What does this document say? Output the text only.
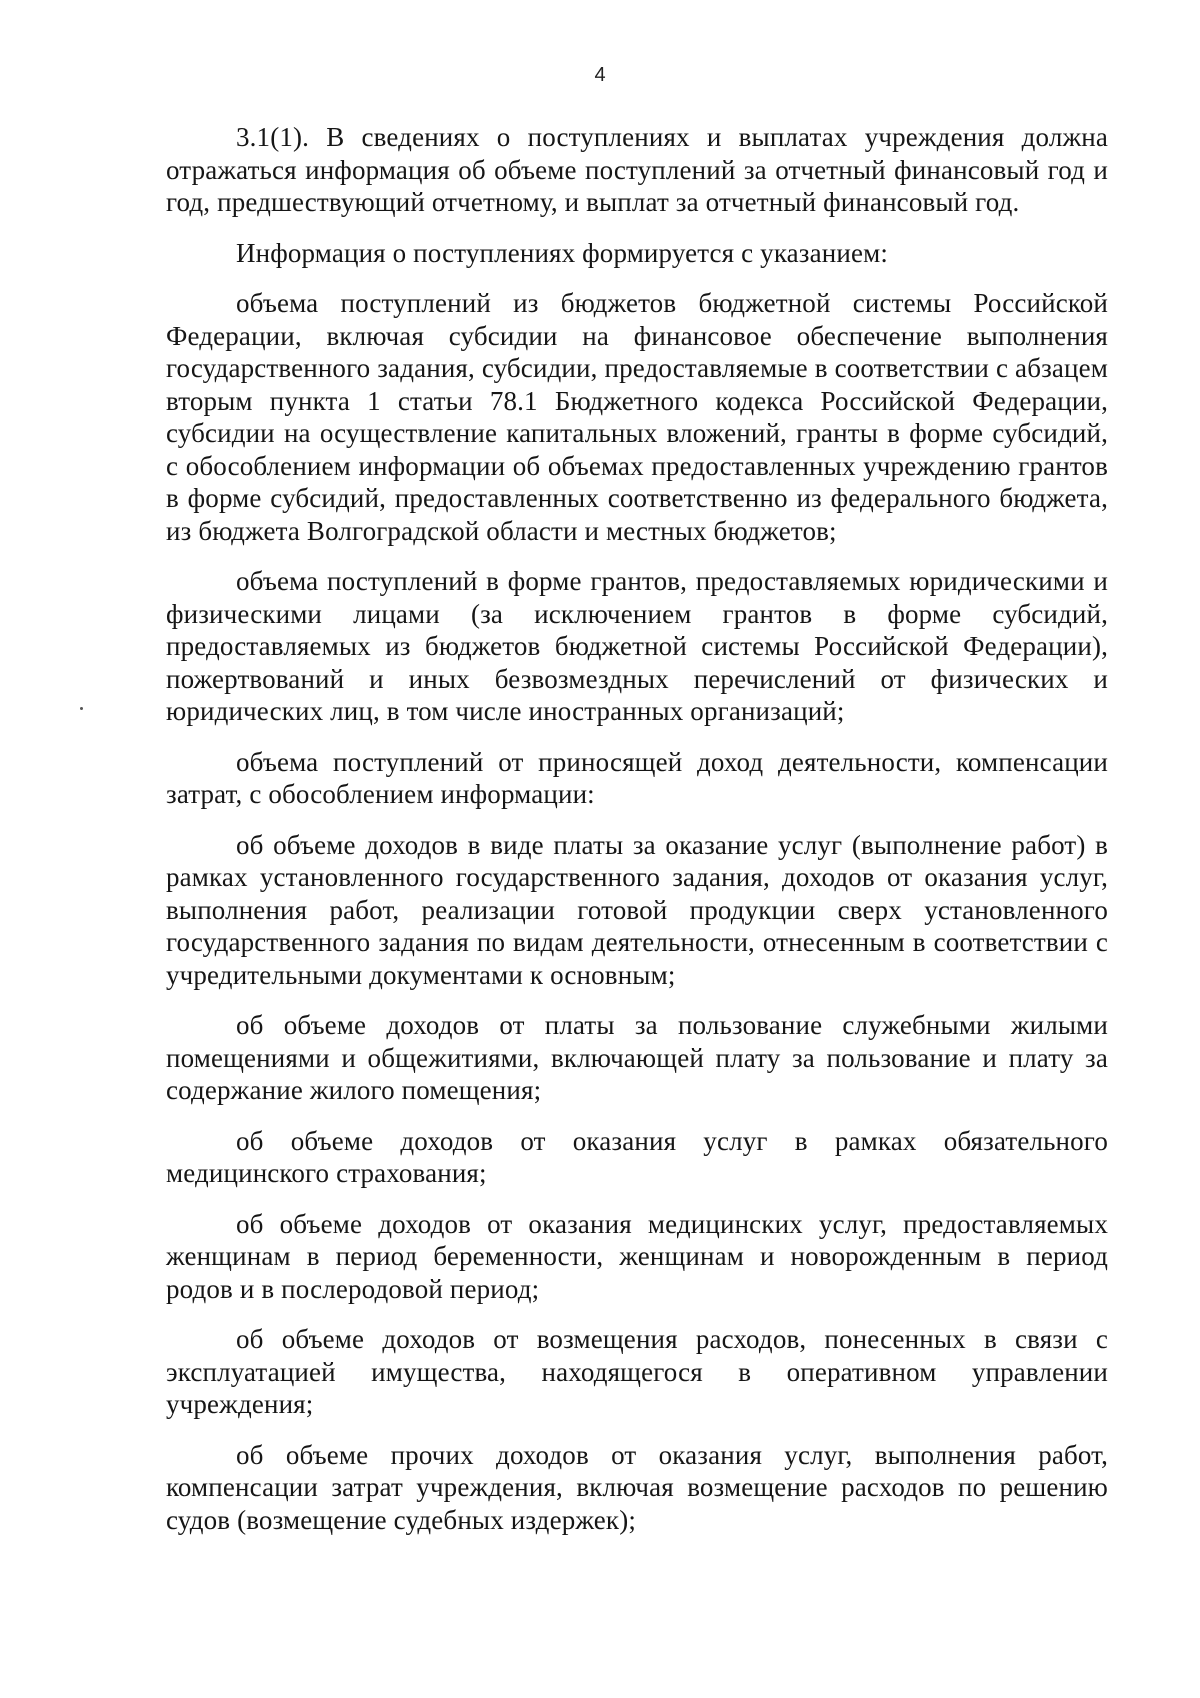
4

3.1(1). В сведениях о поступлениях и выплатах учреждения должна отражаться информация об объеме поступлений за отчетный финансовый год и год, предшествующий отчетному, и выплат за отчетный финансовый год.

Информация о поступлениях формируется с указанием:

объема поступлений из бюджетов бюджетной системы Российской Федерации, включая субсидии на финансовое обеспечение выполнения государственного задания, субсидии, предоставляемые в соответствии с абзацем вторым пункта 1 статьи 78.1 Бюджетного кодекса Российской Федерации, субсидии на осуществление капитальных вложений, гранты в форме субсидий, с обособлением информации об объемах предоставленных учреждению грантов в форме субсидий, предоставленных соответственно из федерального бюджета, из бюджета Волгоградской области и местных бюджетов;

объема поступлений в форме грантов, предоставляемых юридическими и физическими лицами (за исключением грантов в форме субсидий, предоставляемых из бюджетов бюджетной системы Российской Федерации), пожертвований и иных безвозмездных перечислений от физических и юридических лиц, в том числе иностранных организаций;

объема поступлений от приносящей доход деятельности, компенсации затрат, с обособлением информации:

об объеме доходов в виде платы за оказание услуг (выполнение работ) в рамках установленного государственного задания, доходов от оказания услуг, выполнения работ, реализации готовой продукции сверх установленного государственного задания по видам деятельности, отнесенным в соответствии с учредительными документами к основным;

об объеме доходов от платы за пользование служебными жилыми помещениями и общежитиями, включающей плату за пользование и плату за содержание жилого помещения;

об объеме доходов от оказания услуг в рамках обязательного медицинского страхования;

об объеме доходов от оказания медицинских услуг, предоставляемых женщинам в период беременности, женщинам и новорожденным в период родов и в послеродовой период;

об объеме доходов от возмещения расходов, понесенных в связи с эксплуатацией имущества, находящегося в оперативном управлении учреждения;

об объеме прочих доходов от оказания услуг, выполнения работ, компенсации затрат учреждения, включая возмещение расходов по решению судов (возмещение судебных издержек);
